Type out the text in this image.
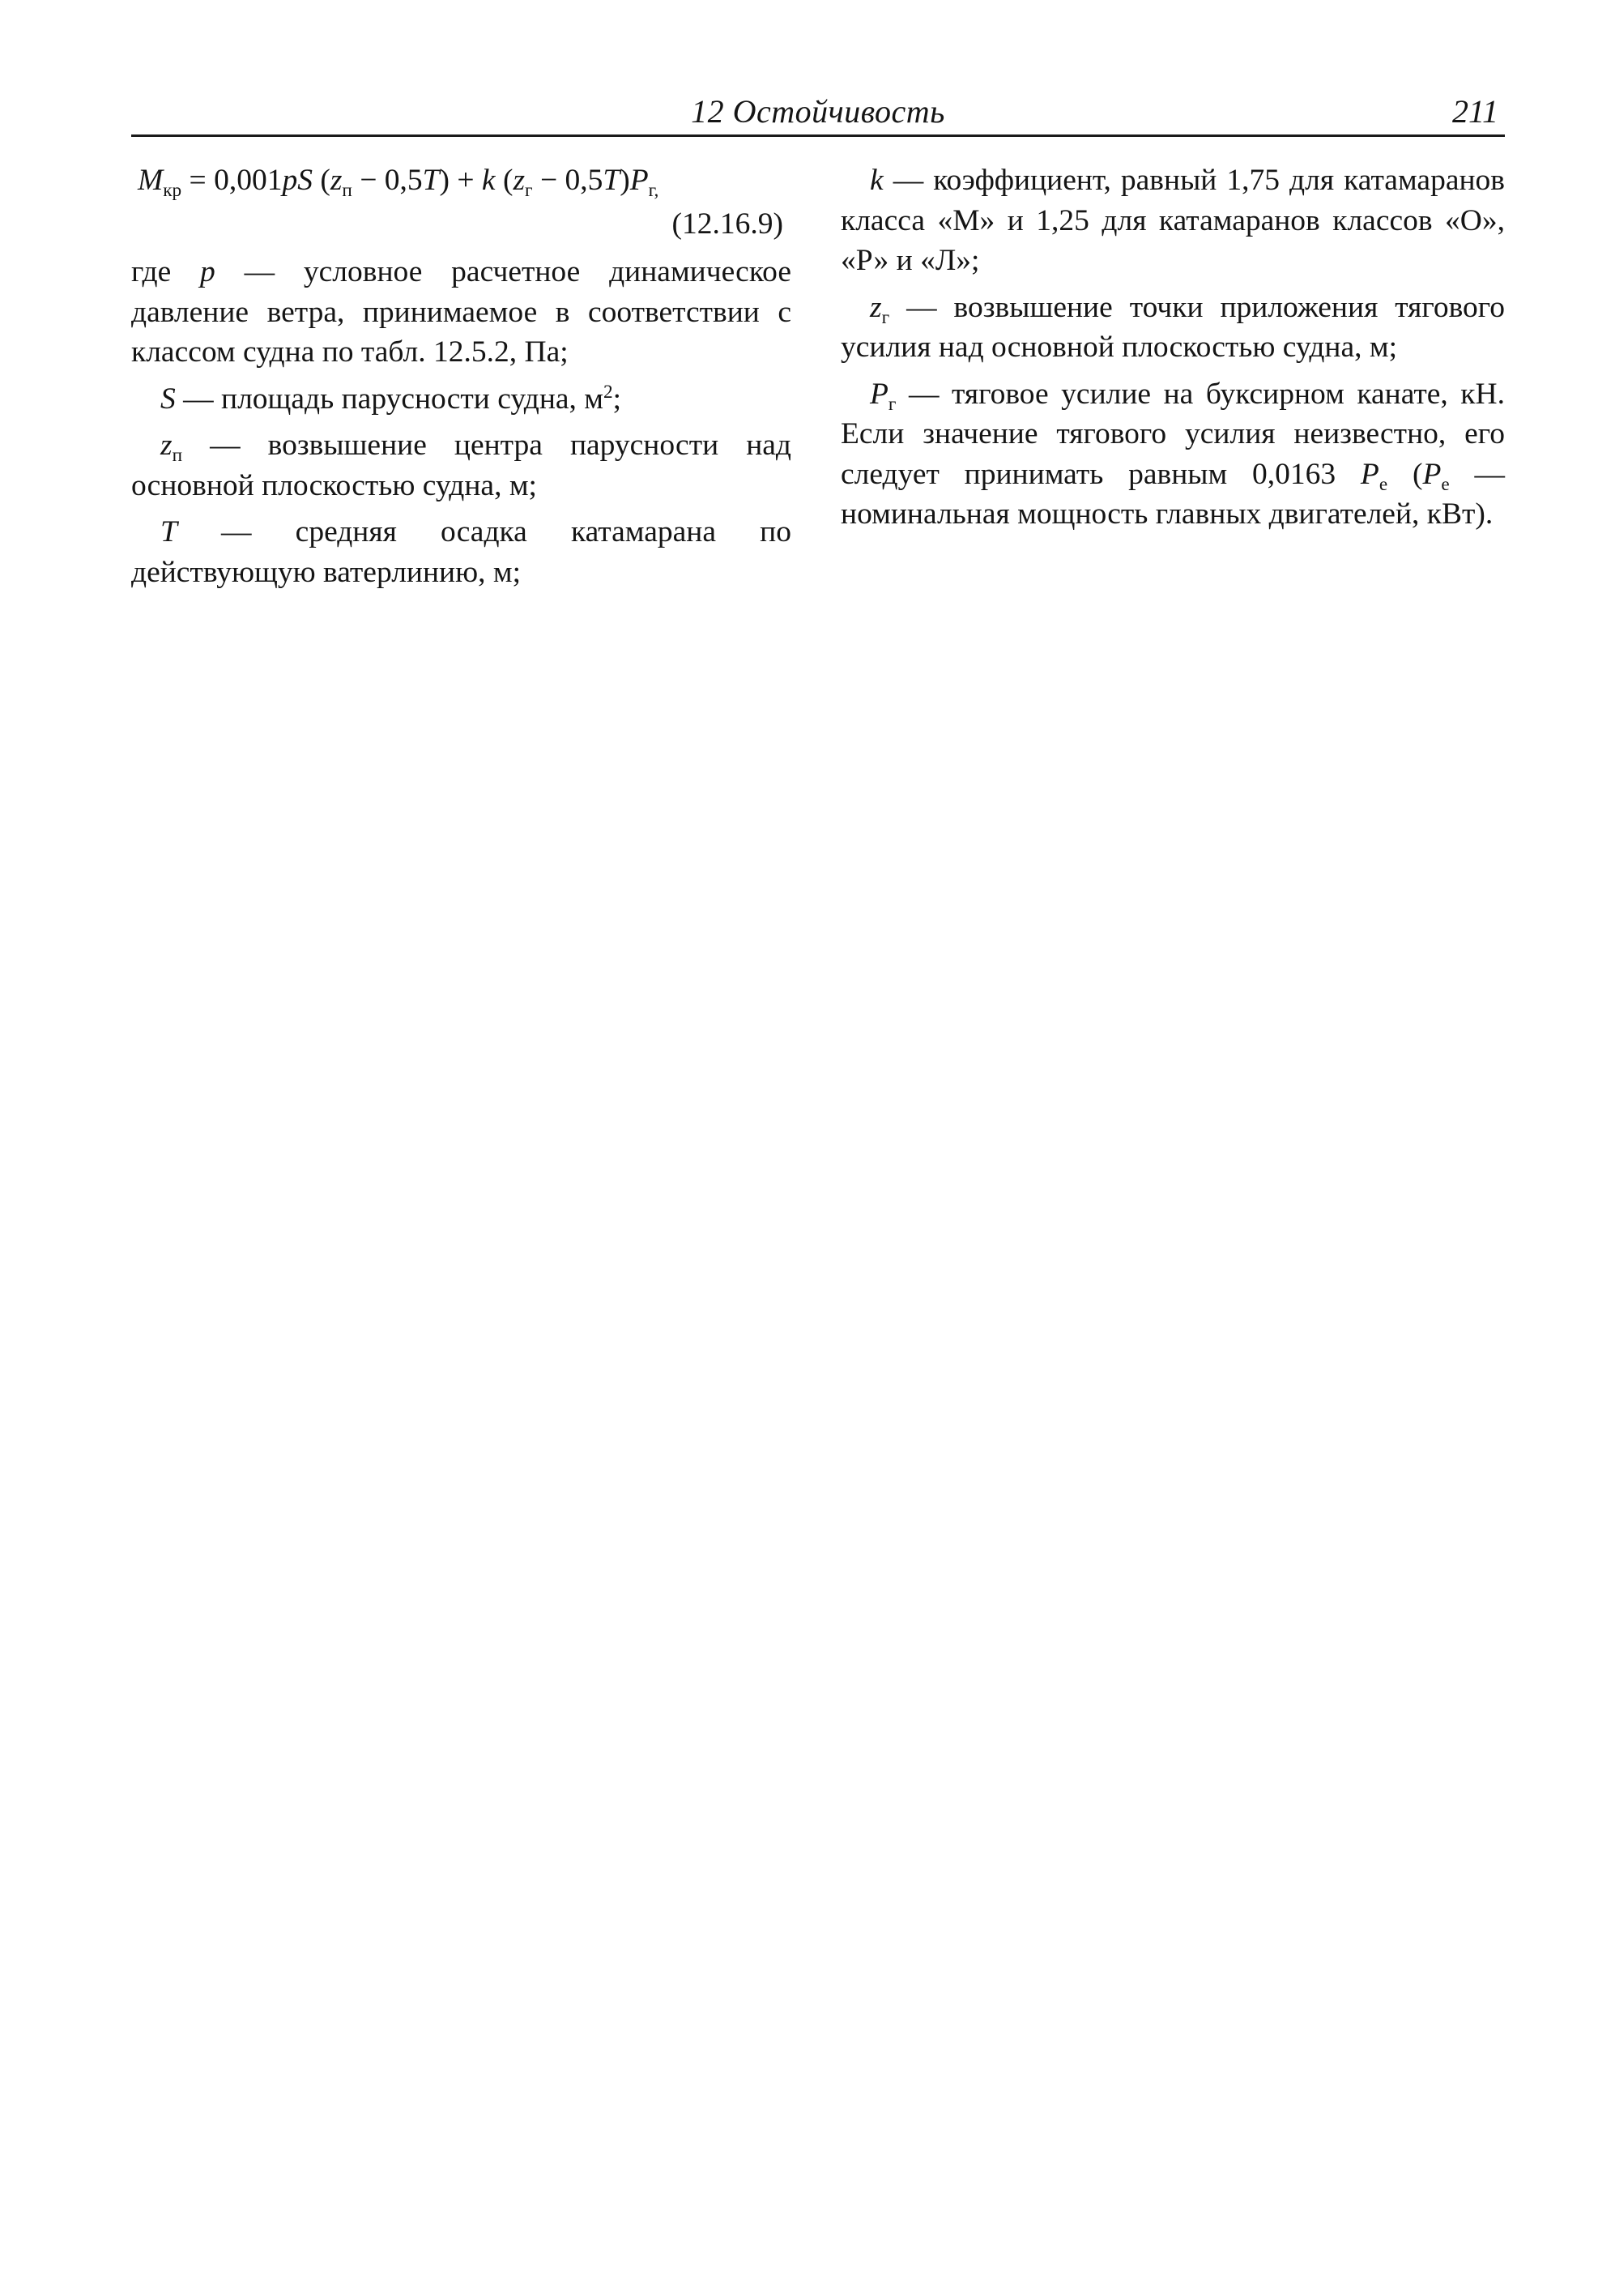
12 Остойчивость	211
$M_{кр} = 0,001pS$ $(z_п - 0,5T) + k$ $(z_г - 0,5T)P_{г,}$
(12.16.9)

где p — условное расчетное динамическое давление ветра, принимаемое в соответствии с классом судна по табл. 12.5.2, Па;

S — площадь парусности судна, $м^2$;

$z_п$ — возвышение центра парусности над основной плоскостью судна, м;

T — средняя осадка катамарана по действующую ватерлинию, м;

k — коэффициент, равный 1,75 для катамаранов класса «М» и 1,25 для катамаранов классов «О», «Р» и «Л»;

$z_г$ — возвышение точки приложения тягового усилия над основной плоскостью судна, м;

$P_г$ — тяговое усилие на буксирном канате, кН. Если значение тягового усилия неизвестно, его следует принимать равным 0,0163 $P_e$ ($P_e$ — номинальная мощность главных двигателей, кВт).
